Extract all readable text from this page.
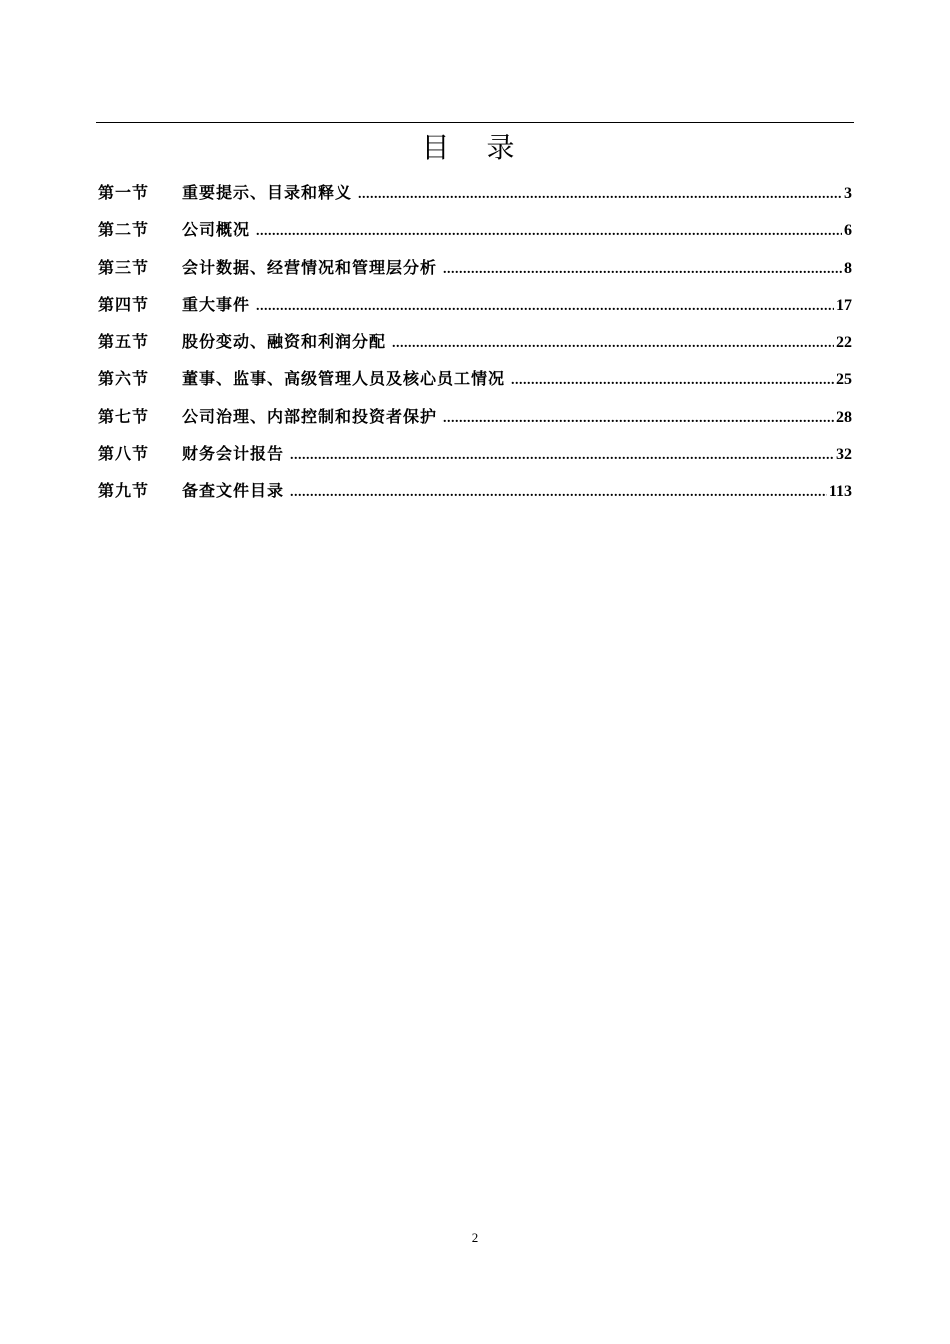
目 录
第一节	重要提示、目录和释义 .....	3
第二节	公司概况 .....	6
第三节	会计数据、经营情况和管理层分析 .....	8
第四节	重大事件 .....	17
第五节	股份变动、融资和利润分配 .....	22
第六节	董事、监事、高级管理人员及核心员工情况 .....	25
第七节	公司治理、内部控制和投资者保护 .....	28
第八节	财务会计报告 .....	32
第九节	备查文件目录 .....	113
2
